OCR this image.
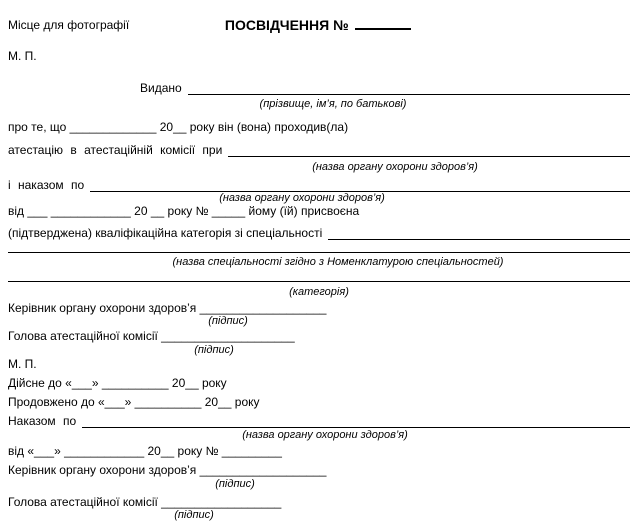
ПОСВІДЧЕННЯ №

Місце для фотографії
М. П.
Видано
(прізвище, ім’я, по батькові)
про те, що _____________ 20__ року він (вона) проходив(ла)
атестацію в атестаційній комісії при
(назва органу охорони здоров’я)
і наказом по
(назва органу охорони здоров’я)
від ___ ____________ 20 __ року № _____ йому (їй) присвоєна
(підтверджена) кваліфікаційна категорія зі спеціальності
(назва спеціальності згідно з Номенклатурою спеціальностей)
(категорія)
Керівник органу охорони здоров’я ___________________
(підпис)
Голова атестаційної комісії ____________________
(підпис)
М. П.
Дійсне до «___» __________ 20__ року
Продовжено до «___» __________ 20__ року
Наказом по
(назва органу охорони здоров’я)
від «___» ____________ 20__ року № _________
Керівник органу охорони здоров’я ___________________
(підпис)
Голова атестаційної комісії __________________
(підпис)
